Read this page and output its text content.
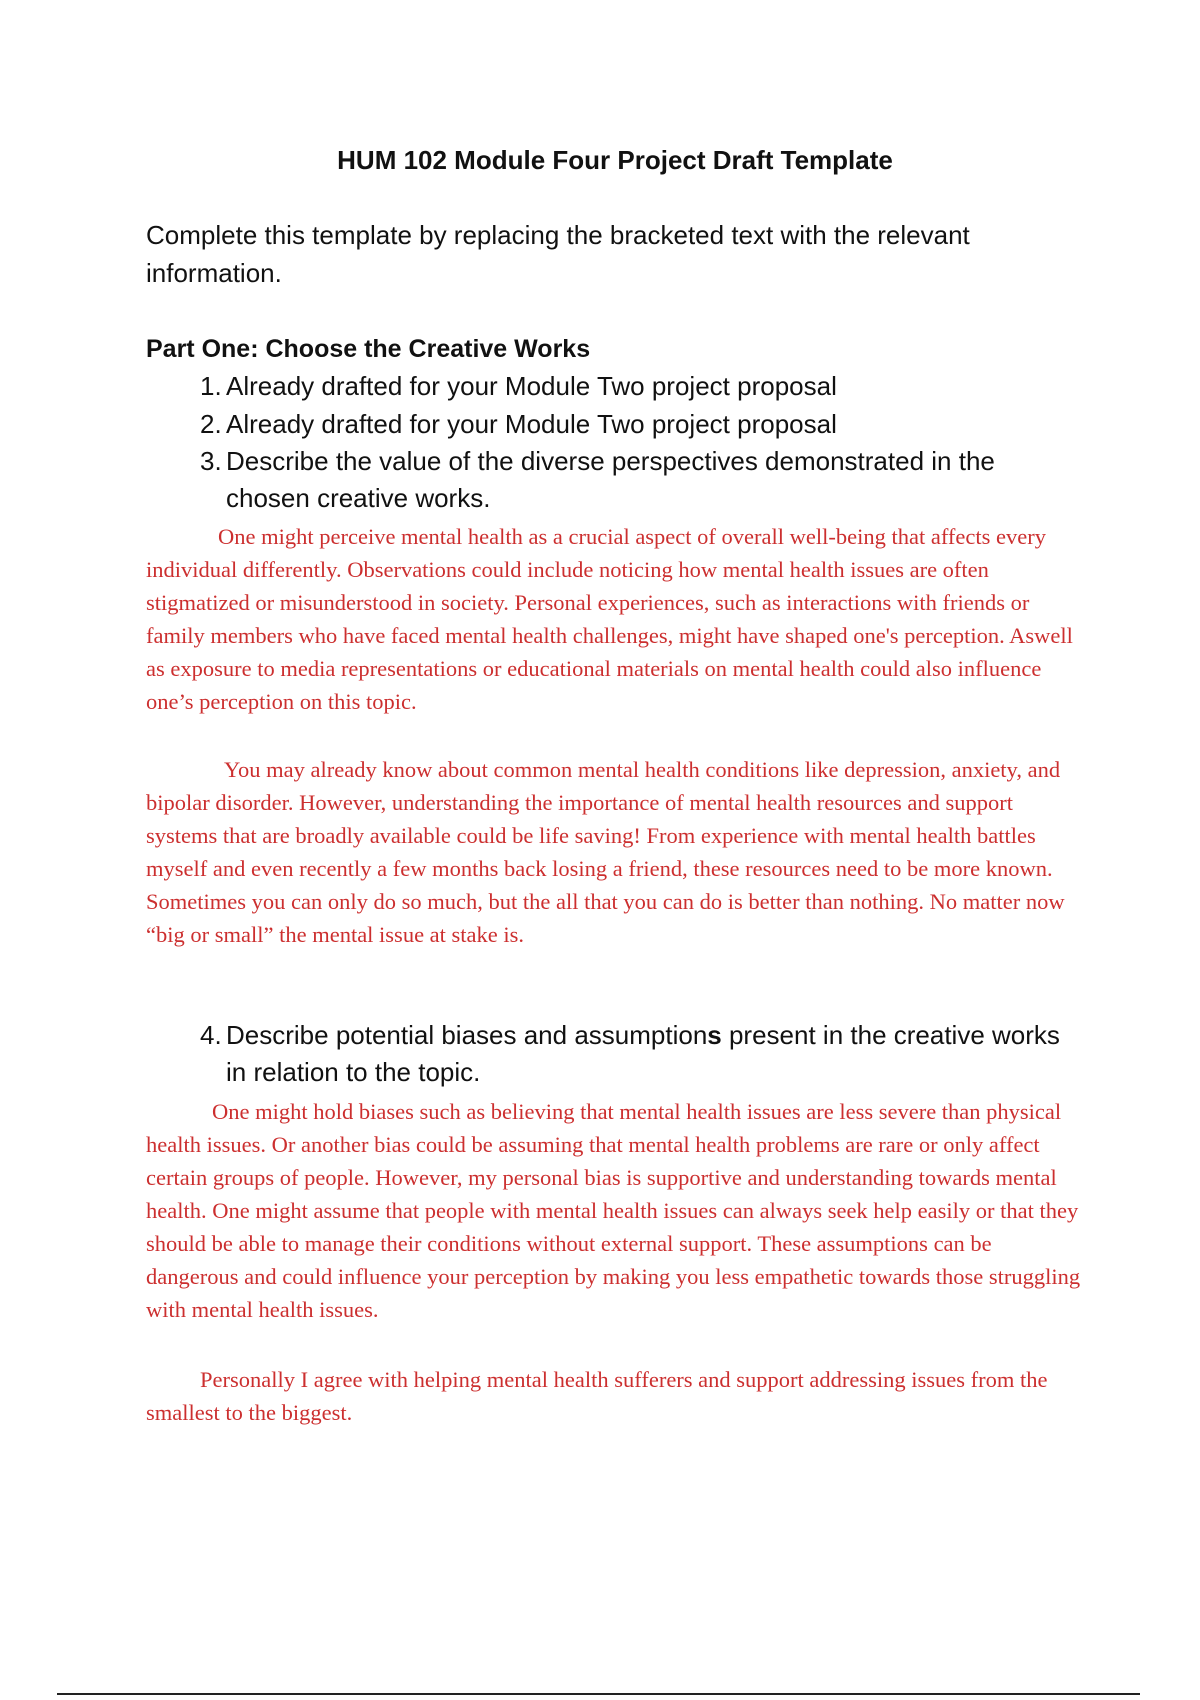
HUM 102 Module Four Project Draft Template

Complete this template by replacing the bracketed text with the relevant information.

Part One: Choose the Creative Works
1. Already drafted for your Module Two project proposal
2. Already drafted for your Module Two project proposal
3. Describe the value of the diverse perspectives demonstrated in the chosen creative works.

One might perceive mental health as a crucial aspect of overall well-being that affects every individual differently. Observations could include noticing how mental health issues are often stigmatized or misunderstood in society. Personal experiences, such as interactions with friends or family members who have faced mental health challenges, might have shaped one's perception. Aswell as exposure to media representations or educational materials on mental health could also influence one’s perception on this topic.

You may already know about common mental health conditions like depression, anxiety, and bipolar disorder. However, understanding the importance of mental health resources and support systems that are broadly available could be life saving! From experience with mental health battles myself and even recently a few months back losing a friend, these resources need to be more known. Sometimes you can only do so much, but the all that you can do is better than nothing. No matter now “big or small” the mental issue at stake is.

4. Describe potential biases and assumptions present in the creative works in relation to the topic.

One might hold biases such as believing that mental health issues are less severe than physical health issues. Or another bias could be assuming that mental health problems are rare or only affect certain groups of people. However, my personal bias is supportive and understanding towards mental health. One might assume that people with mental health issues can always seek help easily or that they should be able to manage their conditions without external support. These assumptions can be dangerous and could influence your perception by making you less empathetic towards those struggling with mental health issues.

Personally I agree with helping mental health sufferers and support addressing issues from the smallest to the biggest.
